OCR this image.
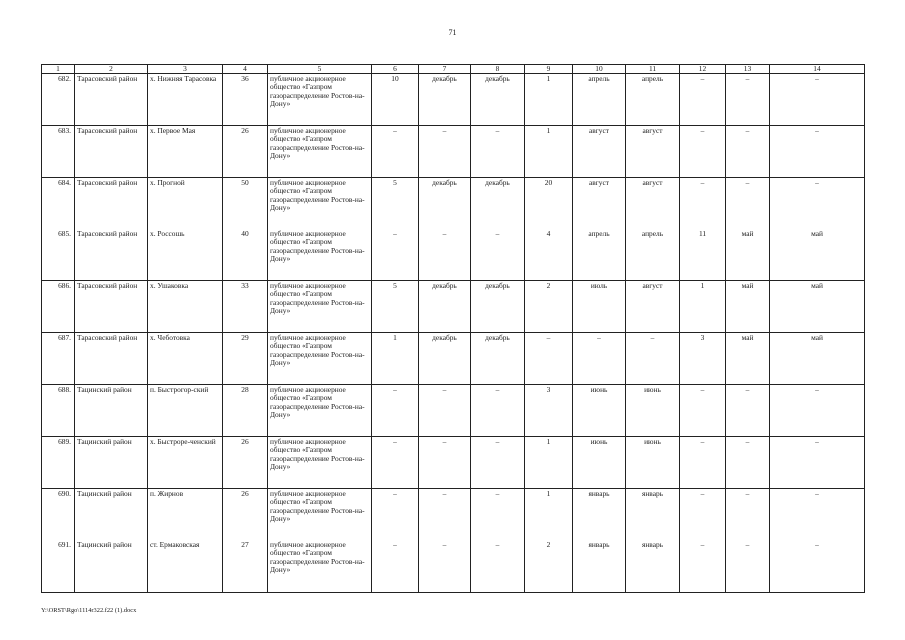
71
1	2	3	4	5	6	7	8	9	10	11	12	13	14
682.	Тарасовский район	х. Нижняя Тарасовка	36	публичное акционерное общество «Газпром газораспределение Ростов-на-Дону»	10	декабрь	декабрь	1	апрель	апрель	–	–	–
683.	Тарасовский район	х. Первое Мая	26	публичное акционерное общество «Газпром газораспределение Ростов-на-Дону»	–	–	–	1	август	август	–	–	–
684.	Тарасовский район	х. Прогной	50	публичное акционерное общество «Газпром газораспределение Ростов-на-Дону»	5	декабрь	декабрь	20	август	август	–	–	–
685.	Тарасовский район	х. Россошь	40	публичное акционерное общество «Газпром газораспределение Ростов-на-Дону»	–	–	–	4	апрель	апрель	11	май	май
686.	Тарасовский район	х. Ушаковка	33	публичное акционерное общество «Газпром газораспределение Ростов-на-Дону»	5	декабрь	декабрь	2	июль	август	1	май	май
687.	Тарасовский район	х. Чеботовка	29	публичное акционерное общество «Газпром газораспределение Ростов-на-Дону»	1	декабрь	декабрь	–	–	–	3	май	май
688.	Тацинский район	п. Быстрогор-ский	28	публичное акционерное общество «Газпром газораспределение Ростов-на-Дону»	–	–	–	3	июнь	июнь	–	–	–
689.	Тацинский район	х. Быстроре-ченский	26	публичное акционерное общество «Газпром газораспределение Ростов-на-Дону»	–	–	–	1	июнь	июнь	–	–	–
690.	Тацинский район	п. Жирнов	26	публичное акционерное общество «Газпром газораспределение Ростов-на-Дону»	–	–	–	1	январь	январь	–	–	–
691.	Тацинский район	ст. Ермаковская	27	публичное акционерное общество «Газпром газораспределение Ростов-на-Дону»	–	–	–	2	январь	январь	–	–	–
Y:\ORST\Rgo\1114r322.f22 (1).docx
